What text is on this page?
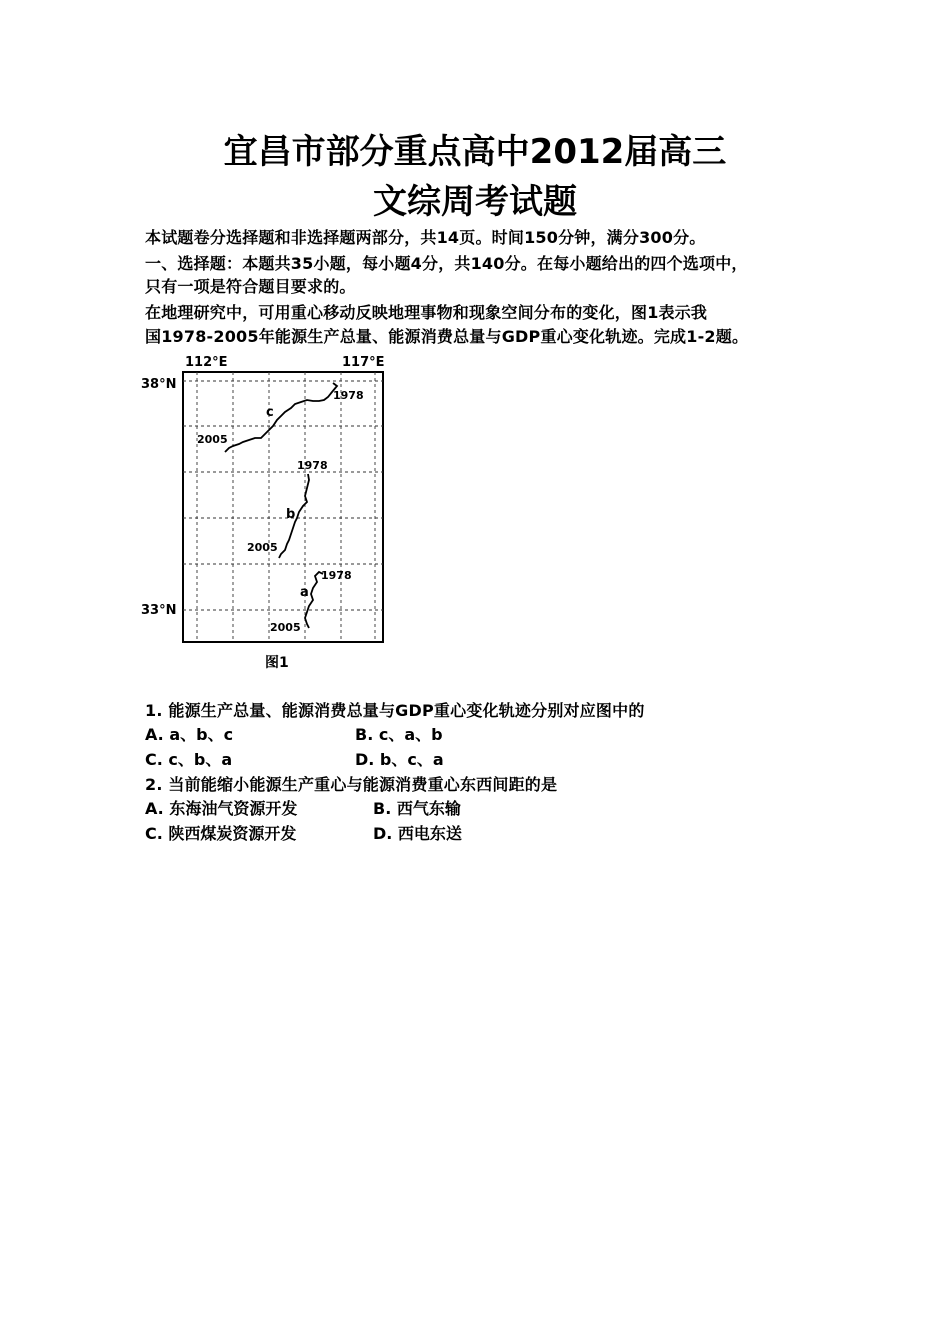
宜昌市部分重点高中2012届高三
文综周考试题
本试题卷分选择题和非选择题两部分，共14页。时间150分钟，满分300分。
一、选择题：本题共35小题，每小题4分，共140分。在每小题给出的四个选项中，
只有一项是符合题目要求的。
在地理研究中，可用重心移动反映地理事物和现象空间分布的变化，图1表示我
国1978-2005年能源生产总量、能源消费总量与GDP重心变化轨迹。完成1-2题。
112°E	117°E
38°N
33°N
c
1978
2005
b
1978
2005
a
1978
2005
图1
1. 能源生产总量、能源消费总量与GDP重心变化轨迹分别对应图中的
A. a、b、c	B. c、a、b
C. c、b、a	D. b、c、a
2. 当前能缩小能源生产重心与能源消费重心东西间距的是
A. 东海油气资源开发	B. 西气东输
C. 陕西煤炭资源开发	D. 西电东送
